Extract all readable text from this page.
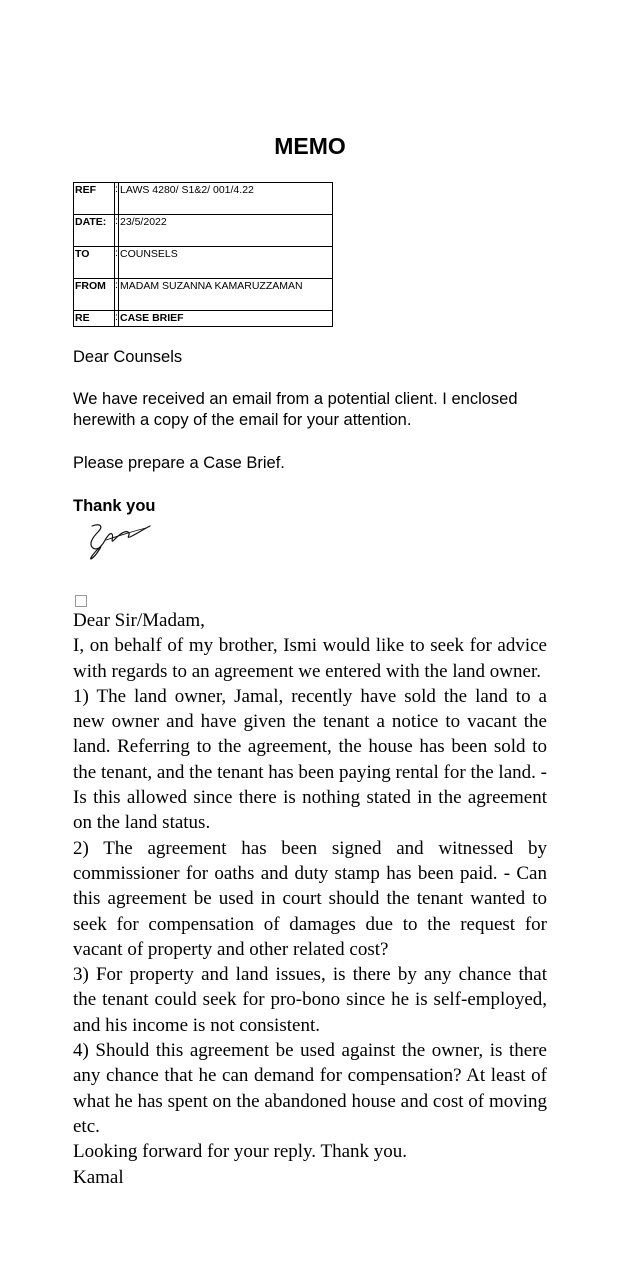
MEMO
REF	:	LAWS 4280/ S1&2/ 001/4.22
DATE:	:	23/5/2022
TO	:	COUNSELS
FROM	:	MADAM SUZANNA KAMARUZZAMAN
RE	:	CASE BRIEF
Dear Counsels
We have received an email from a potential client. I enclosed herewith a copy of the email for your attention.
Please prepare a Case Brief.
Thank you

Dear Sir/Madam,

I, on behalf of my brother, Ismi would like to seek for advice with regards to an agreement we entered with the land owner.

1) The land owner, Jamal, recently have sold the land to a new owner and have given the tenant a notice to vacant the land. Referring to the agreement, the house has been sold to the tenant, and the tenant has been paying rental for the land. - Is this allowed since there is nothing stated in the agreement on the land status.

2) The agreement has been signed and witnessed by commissioner for oaths and duty stamp has been paid. - Can this agreement be used in court should the tenant wanted to seek for compensation of damages due to the request for vacant of property and other related cost?

3) For property and land issues, is there by any chance that the tenant could seek for pro-bono since he is self-employed, and his income is not consistent.

4) Should this agreement be used against the owner, is there any chance that he can demand for compensation? At least of what he has spent on the abandoned house and cost of moving etc.

Looking forward for your reply. Thank you.

Kamal
